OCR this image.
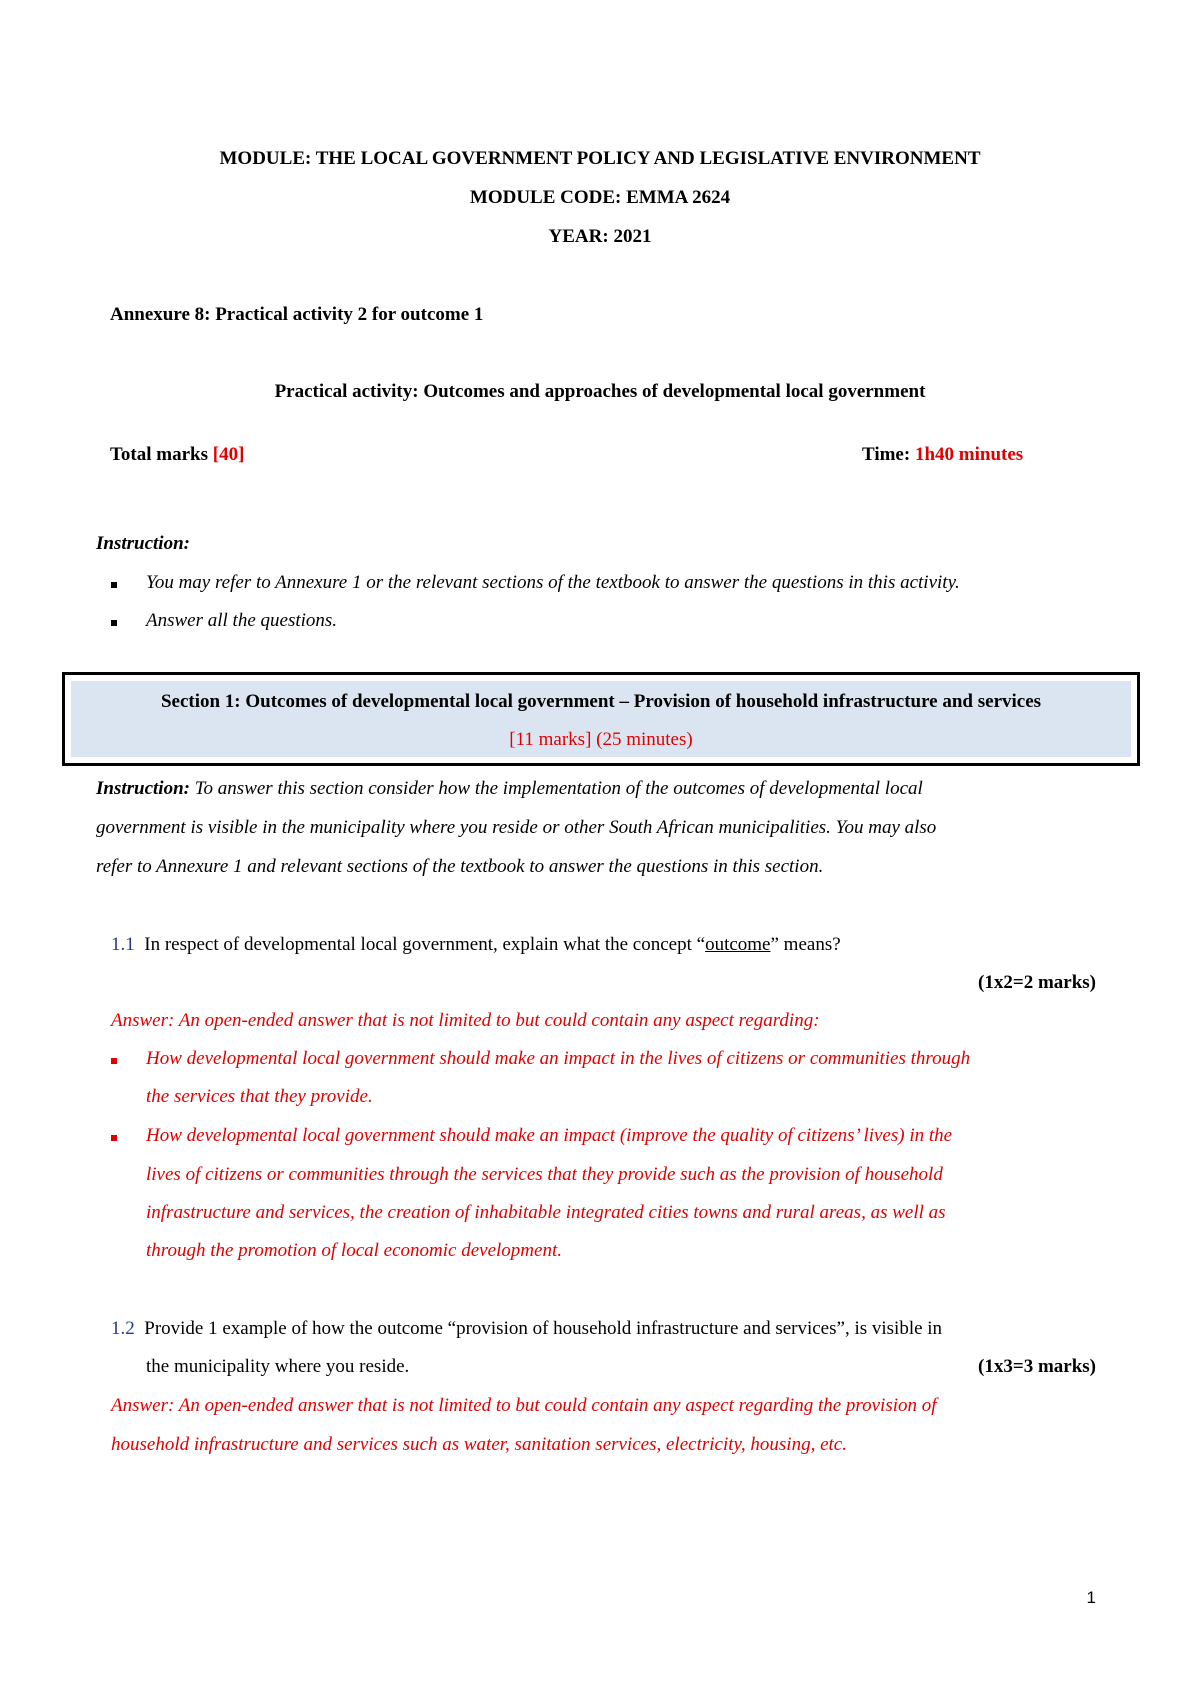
MODULE: THE LOCAL GOVERNMENT POLICY AND LEGISLATIVE ENVIRONMENT
MODULE CODE: EMMA 2624
YEAR: 2021
Annexure 8: Practical activity 2 for outcome 1
Practical activity: Outcomes and approaches of developmental local government
Total marks [40]	Time: 1h40 minutes
Instruction:
You may refer to Annexure 1 or the relevant sections of the textbook to answer the questions in this activity.
Answer all the questions.
Section 1: Outcomes of developmental local government – Provision of household infrastructure and services
[11 marks] (25 minutes)
Instruction: To answer this section consider how the implementation of the outcomes of developmental local
government is visible in the municipality where you reside or other South African municipalities. You may also
refer to Annexure 1 and relevant sections of the textbook to answer the questions in this section.
1.1 In respect of developmental local government, explain what the concept “outcome” means?
(1x2=2 marks)
Answer: An open-ended answer that is not limited to but could contain any aspect regarding:
How developmental local government should make an impact in the lives of citizens or communities through
the services that they provide.
How developmental local government should make an impact (improve the quality of citizens’ lives) in the
lives of citizens or communities through the services that they provide such as the provision of household
infrastructure and services, the creation of inhabitable integrated cities towns and rural areas, as well as
through the promotion of local economic development.
1.2 Provide 1 example of how the outcome “provision of household infrastructure and services”, is visible in
the municipality where you reside.	(1x3=3 marks)
Answer: An open-ended answer that is not limited to but could contain any aspect regarding the provision of
household infrastructure and services such as water, sanitation services, electricity, housing, etc.
1
